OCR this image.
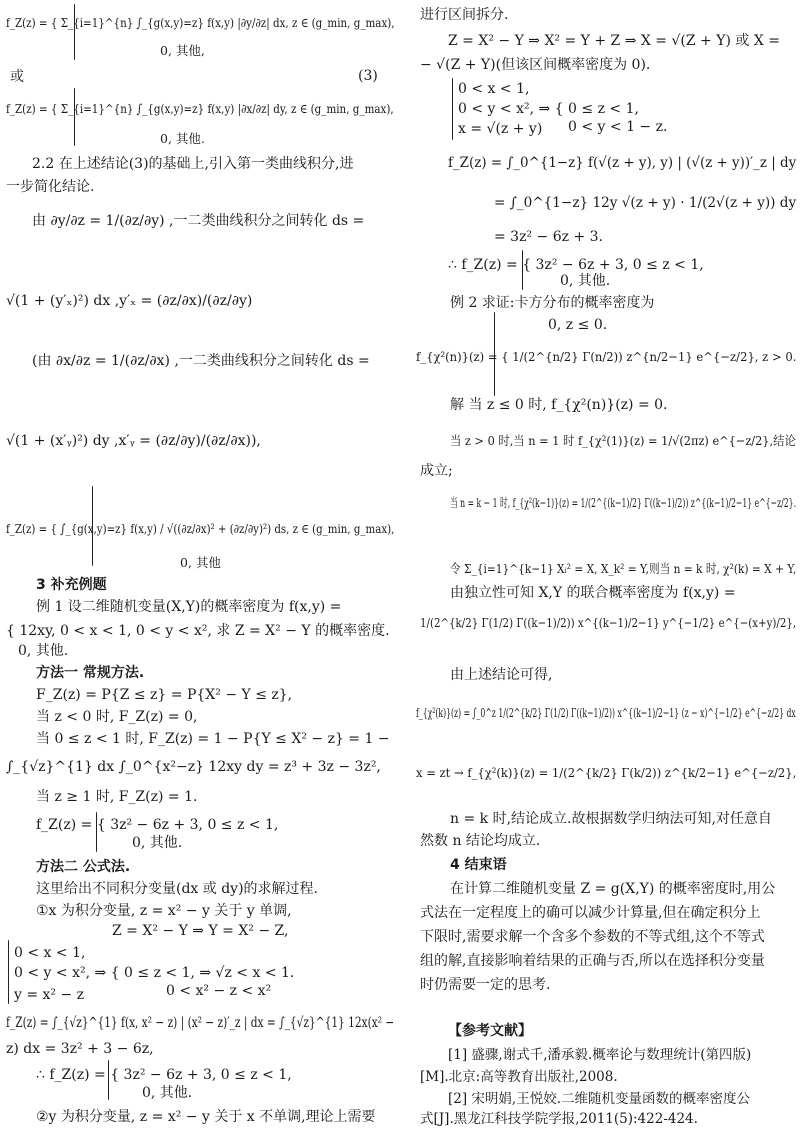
f_Z(z) = { Σ_{i=1}^{n} ∫_{g(x,y)=z} f(x,y) |∂y/∂z| dx, z ∈ (g_min, g_max),
0, 其他,
或	(3)
f_Z(z) = { Σ_{i=1}^{n} ∫_{g(x,y)=z} f(x,y) |∂x/∂z| dy, z ∈ (g_min, g_max),
0, 其他.
2.2 在上述结论(3)的基础上,引入第一类曲线积分,进
一步简化结论.
由 ∂y/∂z = 1/(∂z/∂y) ,一二类曲线积分之间转化 ds =
√(1 + (y′ₓ)²) dx ,y′ₓ = (∂z/∂x)/(∂z/∂y)
(由 ∂x/∂z = 1/(∂z/∂x) ,一二类曲线积分之间转化 ds =
√(1 + (x′ᵧ)²) dy ,x′ᵧ = (∂z/∂y)/(∂z/∂x)),
f_Z(z) = { ∫_{g(x,y)=z} f(x,y) / √((∂z/∂x)² + (∂z/∂y)²) ds, z ∈ (g_min, g_max),
0, 其他
3 补充例题
例 1 设二维随机变量(X,Y)的概率密度为 f(x,y) =
{ 12xy, 0 < x < 1, 0 < y < x², 求 Z = X² − Y 的概率密度.
0, 其他.
方法一 常规方法.
F_Z(z) = P{Z ≤ z} = P{X² − Y ≤ z},
当 z < 0 时, F_Z(z) = 0,
当 0 ≤ z < 1 时, F_Z(z) = 1 − P{Y ≤ X² − z} = 1 −
∫_{√z}^{1} dx ∫_0^{x²−z} 12xy dy = z³ + 3z − 3z²,
当 z ≥ 1 时, F_Z(z) = 1.
f_Z(z) = { 3z² − 6z + 3, 0 ≤ z < 1,
0, 其他.
方法二 公式法.
这里给出不同积分变量(dx 或 dy)的求解过程.
①x 为积分变量, z = x² − y 关于 y 单调,
Z = X² − Y ⇒ Y = X² − Z,
0 < x < 1,
0 < y < x², ⇒ { 0 ≤ z < 1, ⇒ √z < x < 1.
0 < x² − z < x²
y = x² − z
f_Z(z) = ∫_{√z}^{1} f(x, x² − z) | (x² − z)′_z | dx = ∫_{√z}^{1} 12x(x² −
z) dx = 3z² + 3 − 6z,
∴ f_Z(z) = { 3z² − 6z + 3, 0 ≤ z < 1,
0, 其他.
②y 为积分变量, z = x² − y 关于 x 不单调,理论上需要
进行区间拆分.
Z = X² − Y ⇒ X² = Y + Z ⇒ X = √(Z + Y) 或 X =
− √(Z + Y)(但该区间概率密度为 0).
0 < x < 1,
0 < y < x², ⇒ { 0 ≤ z < 1,
0 < y < 1 − z.
x = √(z + y)
f_Z(z) = ∫_0^{1−z} f(√(z + y), y) | (√(z + y))′_z | dy
= ∫_0^{1−z} 12y √(z + y) · 1/(2√(z + y)) dy
= 3z² − 6z + 3.
∴ f_Z(z) = { 3z² − 6z + 3, 0 ≤ z < 1,
0, 其他.
例 2 求证:卡方分布的概率密度为
0, z ≤ 0.
f_{χ²(n)}(z) = { 1/(2^{n/2} Γ(n/2)) z^{n/2−1} e^{−z/2}, z > 0.
解 当 z ≤ 0 时, f_{χ²(n)}(z) = 0.
当 z > 0 时,当 n = 1 时 f_{χ²(1)}(z) = 1/√(2πz) e^{−z/2},结论
成立;
当 n = k − 1 时, f_{χ²(k−1)}(z) = 1/(2^{(k−1)/2} Γ((k−1)/2)) z^{(k−1)/2−1} e^{−z/2}.
令 Σ_{i=1}^{k−1} Xᵢ² = X, X_k² = Y,则当 n = k 时, χ²(k) = X + Y,
由独立性可知 X,Y 的联合概率密度为 f(x,y) =
1/(2^{k/2} Γ(1/2) Γ((k−1)/2)) x^{(k−1)/2−1} y^{−1/2} e^{−(x+y)/2},
由上述结论可得,
f_{χ²(k)}(z) = ∫_0^z 1/(2^{k/2} Γ(1/2) Γ((k−1)/2)) x^{(k−1)/2−1} (z − x)^{−1/2} e^{−z/2} dx
x = zt → f_{χ²(k)}(z) = 1/(2^{k/2} Γ(k/2)) z^{k/2−1} e^{−z/2},
n = k 时,结论成立.故根据数学归纳法可知,对任意自
然数 n 结论均成立.
4 结束语
在计算二维随机变量 Z = g(X,Y) 的概率密度时,用公
式法在一定程度上的确可以减少计算量,但在确定积分上
下限时,需要求解一个含多个参数的不等式组,这个不等式
组的解,直接影响着结果的正确与否,所以在选择积分变量
时仍需要一定的思考.
【参考文献】
[1] 盛骤,谢式千,潘承毅.概率论与数理统计(第四版)
[M].北京:高等教育出版社,2008.
[2] 宋明娟,王悦姣.二维随机变量函数的概率密度公
式[J].黑龙江科技学院学报,2011(5):422-424.
